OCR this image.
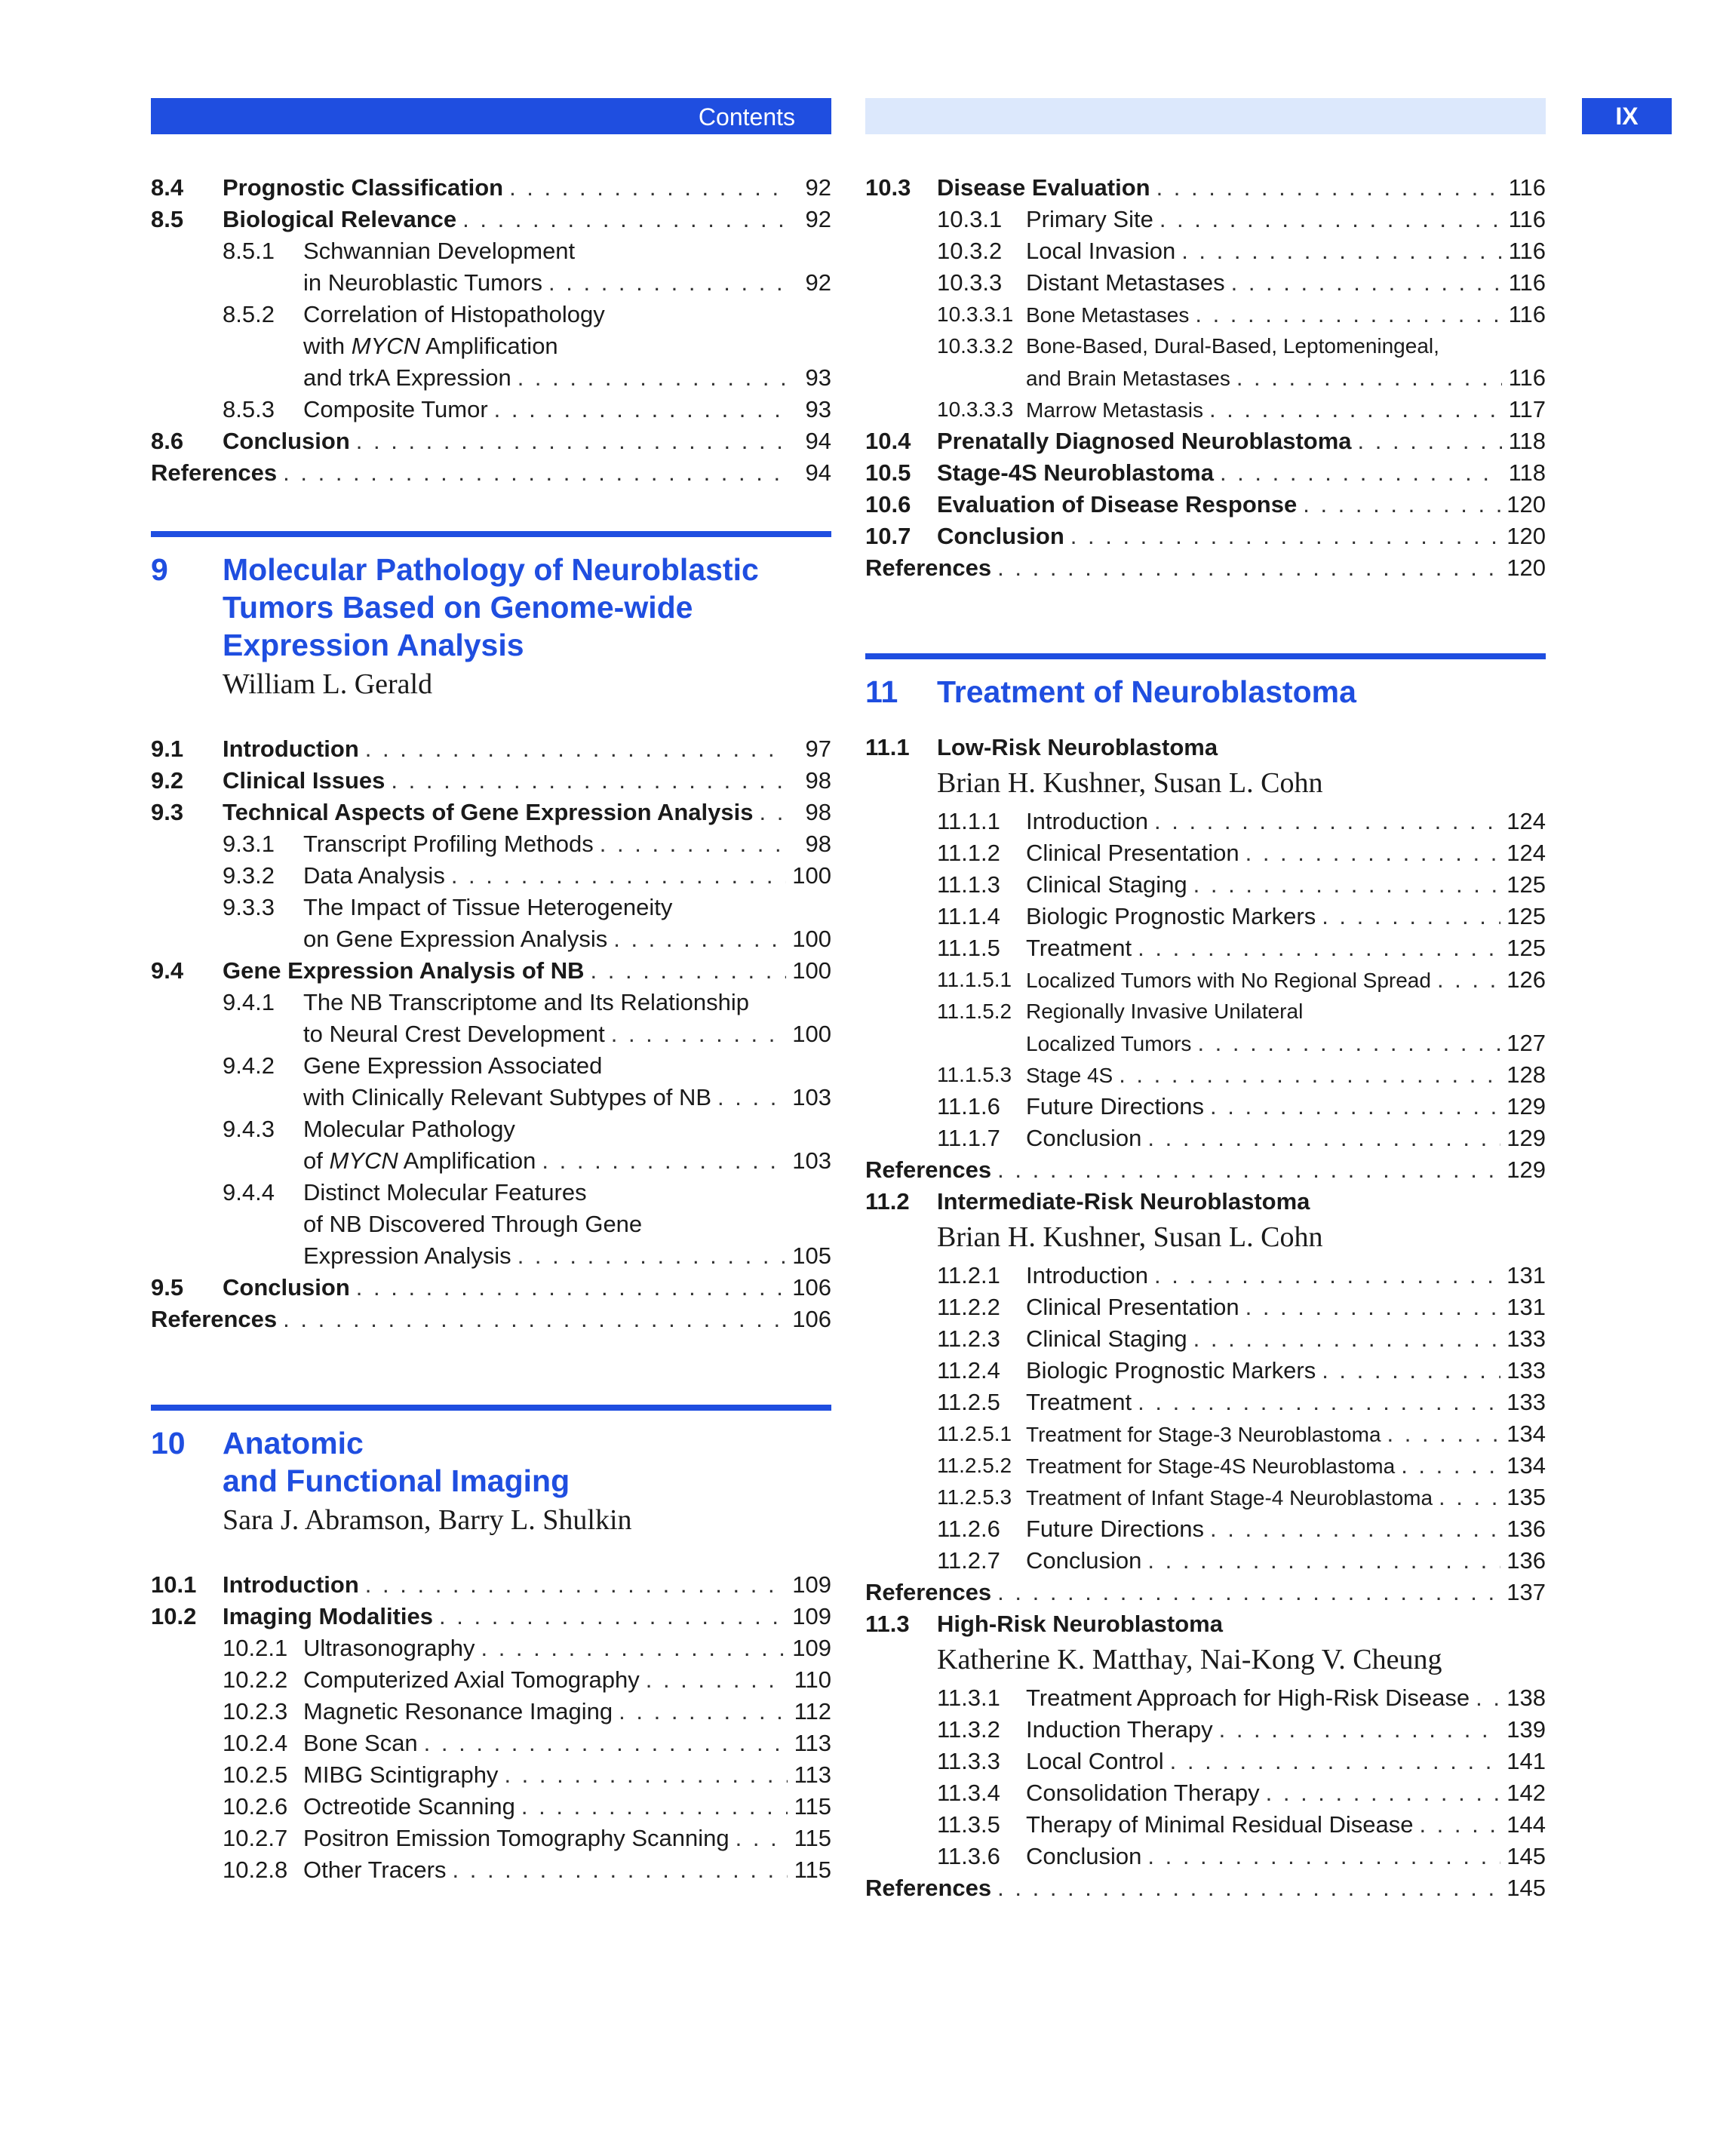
Contents	IX
8.4 Prognostic Classification . . .	92
8.5 Biological Relevance . . .	92
8.5.1 Schwannian Development
in Neuroblastic Tumors . . .	92
8.5.2 Correlation of Histopathology
with MYCN Amplification
and trkA Expression . . .	93
8.5.3 Composite Tumor . . .	93
8.6 Conclusion . . .	94
References . . .	94
9 Molecular Pathology of Neuroblastic
Tumors Based on Genome-wide
Expression Analysis
William L. Gerald
9.1 Introduction . . .	97
9.2 Clinical Issues . . .	98
9.3 Technical Aspects of Gene Expression Analysis . . .	98
9.3.1 Transcript Profiling Methods . . .	98
9.3.2 Data Analysis . . .	100
9.3.3 The Impact of Tissue Heterogeneity
on Gene Expression Analysis . . .	100
9.4 Gene Expression Analysis of NB . . .	100
9.4.1 The NB Transcriptome and Its Relationship
to Neural Crest Development . . .	100
9.4.2 Gene Expression Associated
with Clinically Relevant Subtypes of NB . . .	103
9.4.3 Molecular Pathology
of MYCN Amplification . . .	103
9.4.4 Distinct Molecular Features
of NB Discovered Through Gene
Expression Analysis . . .	105
9.5 Conclusion . . .	106
References . . .	106
10 Anatomic
and Functional Imaging
Sara J. Abramson, Barry L. Shulkin
10.1 Introduction . . .	109
10.2 Imaging Modalities . . .	109
10.2.1 Ultrasonography . . .	109
10.2.2 Computerized Axial Tomography . . .	110
10.2.3 Magnetic Resonance Imaging . . .	112
10.2.4 Bone Scan . . .	113
10.2.5 MIBG Scintigraphy . . .	113
10.2.6 Octreotide Scanning . . .	115
10.2.7 Positron Emission Tomography Scanning . . .	115
10.2.8 Other Tracers . . .	115
10.3 Disease Evaluation . . .	116
10.3.1 Primary Site . . .	116
10.3.2 Local Invasion . . .	116
10.3.3 Distant Metastases . . .	116
10.3.3.1 Bone Metastases . . .	116
10.3.3.2 Bone-Based, Dural-Based, Leptomeningeal,
and Brain Metastases . . .	116
10.3.3.3 Marrow Metastasis . . .	117
10.4 Prenatally Diagnosed Neuroblastoma . . .	118
10.5 Stage-4S Neuroblastoma . . .	118
10.6 Evaluation of Disease Response . . .	120
10.7 Conclusion . . .	120
References . . .	120
11 Treatment of Neuroblastoma
11.1 Low-Risk Neuroblastoma
Brian H. Kushner, Susan L. Cohn
11.1.1 Introduction . . .	124
11.1.2 Clinical Presentation . . .	124
11.1.3 Clinical Staging . . .	125
11.1.4 Biologic Prognostic Markers . . .	125
11.1.5 Treatment . . .	125
11.1.5.1 Localized Tumors with No Regional Spread . . .	126
11.1.5.2 Regionally Invasive Unilateral
Localized Tumors . . .	127
11.1.5.3 Stage 4S . . .	128
11.1.6 Future Directions . . .	129
11.1.7 Conclusion . . .	129
References . . .	129
11.2 Intermediate-Risk Neuroblastoma
Brian H. Kushner, Susan L. Cohn
11.2.1 Introduction . . .	131
11.2.2 Clinical Presentation . . .	131
11.2.3 Clinical Staging . . .	133
11.2.4 Biologic Prognostic Markers . . .	133
11.2.5 Treatment . . .	133
11.2.5.1 Treatment for Stage-3 Neuroblastoma . . .	134
11.2.5.2 Treatment for Stage-4S Neuroblastoma . . .	134
11.2.5.3 Treatment of Infant Stage-4 Neuroblastoma . . .	135
11.2.6 Future Directions . . .	136
11.2.7 Conclusion . . .	136
References . . .	137
11.3 High-Risk Neuroblastoma
Katherine K. Matthay, Nai-Kong V. Cheung
11.3.1 Treatment Approach for High-Risk Disease . . . 138
11.3.2 Induction Therapy . . .	139
11.3.3 Local Control . . .	141
11.3.4 Consolidation Therapy . . .	142
11.3.5 Therapy of Minimal Residual Disease . . .	144
11.3.6 Conclusion . . .	145
References . . .	145
